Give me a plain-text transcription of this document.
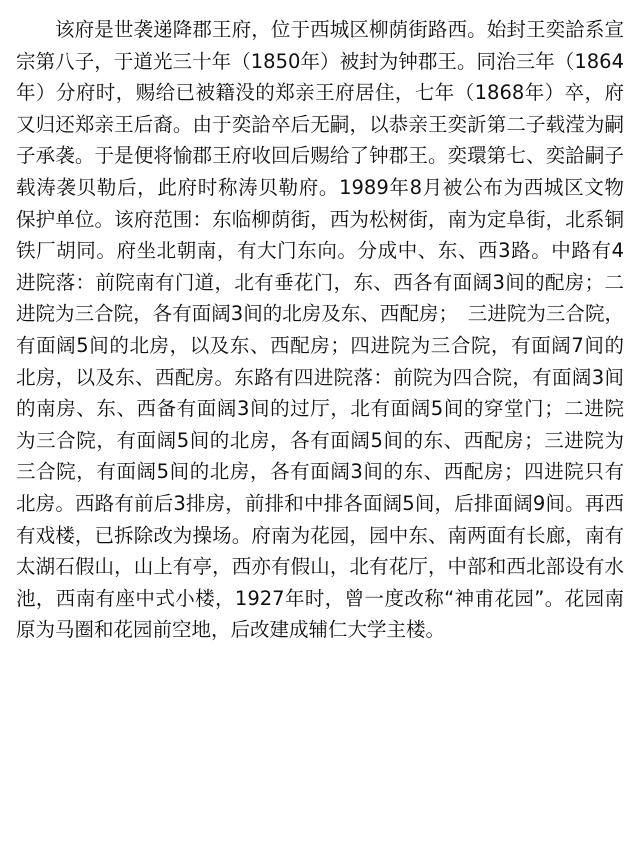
该府是世袭递降郡王府，位于西城区柳荫街路西。始封王奕詥系宣宗第八子，于道光三十年（1850年）被封为钟郡王。同治三年（1864年）分府时，赐给已被籍没的郑亲王府居住，七年（1868年）卒，府又归还郑亲王后裔。由于奕詥卒后无嗣，以恭亲王奕訢第二子载滢为嗣子承袭。于是便将愉郡王府收回后赐给了钟郡王。奕環第七、奕詥嗣子载涛袭贝勒后，此府时称涛贝勒府。1989年8月被公布为西城区文物保护单位。该府范围：东临柳荫街，西为松树街，南为定阜街，北系铜铁厂胡同。府坐北朝南，有大门东向。分成中、东、西3路。中路有4进院落：前院南有门道，北有垂花门，东、西各有面阔3间的配房；二进院为三合院，各有面阔3间的北房及东、西配房；　三进院为三合院，有面阔5间的北房，以及东、西配房；四进院为三合院，有面阔7间的北房，以及东、西配房。东路有四进院落：前院为四合院，有面阔3间的南房、东、西备有面阔3间的过厅，北有面阔5间的穿堂门；二进院为三合院，有面阔5间的北房，各有面阔5间的东、西配房；三进院为三合院，有面阔5间的北房，各有面阔3间的东、西配房；四进院只有北房。西路有前后3排房，前排和中排各面阔5间，后排面阔9间。再西有戏楼，已拆除改为操场。府南为花园，园中东、南两面有长廊，南有太湖石假山，山上有亭，西亦有假山，北有花厅，中部和西北部设有水池，西南有座中式小楼，1927年时，曾一度改称“神甫花园”。花园南原为马圈和花园前空地，后改建成辅仁大学主楼。
